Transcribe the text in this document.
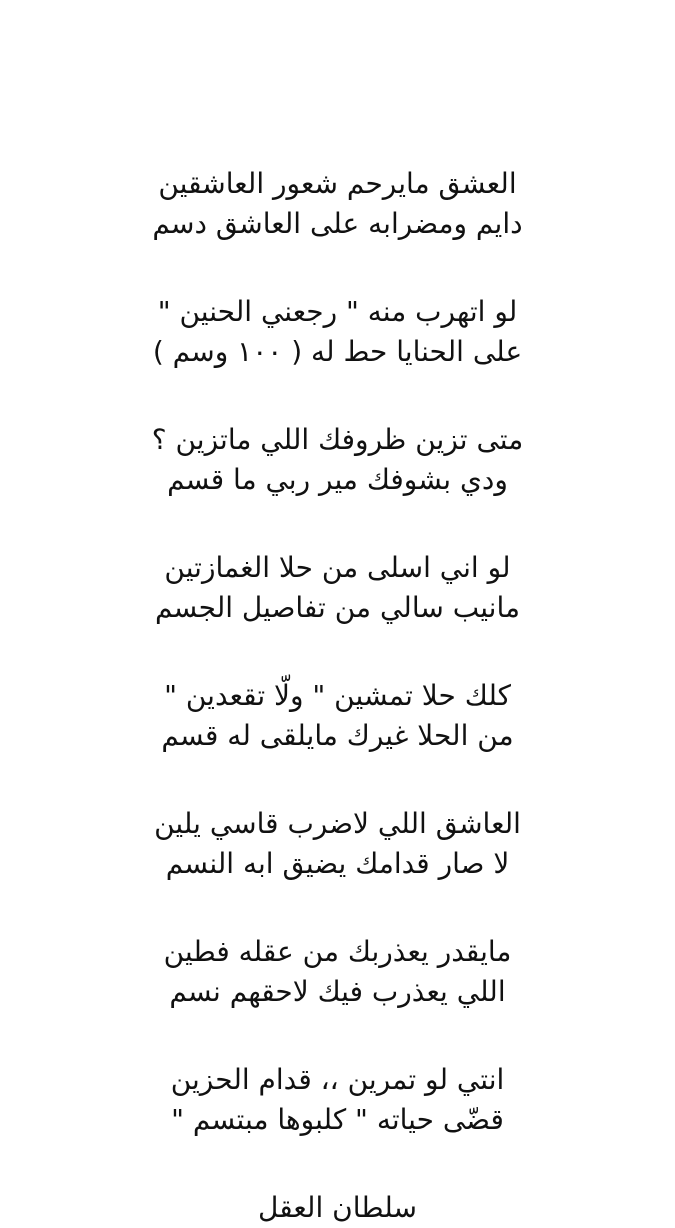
العشق مايرحم شعور العاشقين
دايم ومضرابه على العاشق دسم
لو اتهرب منه " رجعني الحنين "
على الحنايا حط له ( ١٠٠ وسم )
متى تزين ظروفك اللي ماتزين ؟
ودي بشوفك مير ربي ما قسم
لو اني اسلى من حلا الغمازتين
مانيب سالي من تفاصيل الجسم
كلك حلا تمشين " ولّا تقعدين "
من الحلا غيرك مايلقى له قسم
العاشق اللي لاضرب قاسي يلين
لا صار قدامك يضيق ابه النسم
مايقدر يعذربك من عقله فطين
اللي يعذرب فيك لاحقهم نسم
انتي لو تمرين ،، قدام الحزين
قضّى حياته " كلبوها مبتسم "
سلطان العقل
